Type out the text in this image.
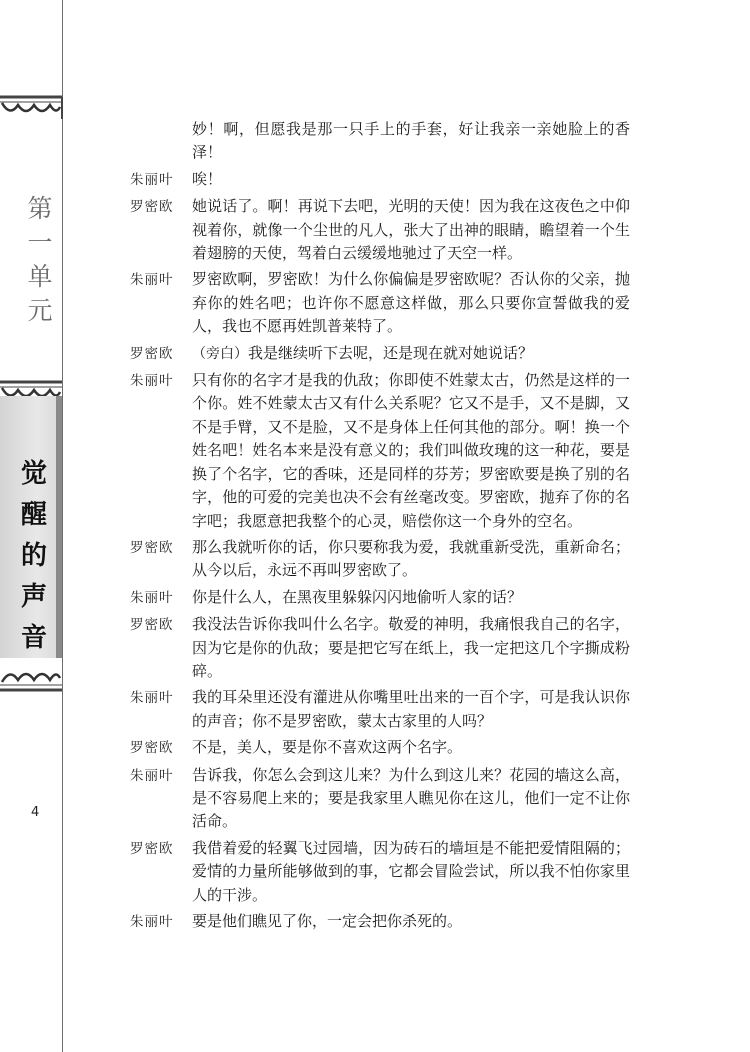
第
一
单
元
觉
醒
的
声
音
4
妙！啊，但愿我是那一只手上的手套，好让我亲一亲她脸上的香泽！
朱丽叶	唉！
罗密欧	她说话了。啊！再说下去吧，光明的天使！因为我在这夜色之中仰视着你，就像一个尘世的凡人，张大了出神的眼睛，瞻望着一个生着翅膀的天使，驾着白云缓缓地驰过了天空一样。
朱丽叶	罗密欧啊，罗密欧！为什么你偏偏是罗密欧呢？否认你的父亲，抛弃你的姓名吧；也许你不愿意这样做，那么只要你宣誓做我的爱人，我也不愿再姓凯普莱特了。
罗密欧	（旁白）我是继续听下去呢，还是现在就对她说话？
朱丽叶	只有你的名字才是我的仇敌；你即使不姓蒙太古，仍然是这样的一个你。姓不姓蒙太古又有什么关系呢？它又不是手，又不是脚，又不是手臂，又不是脸，又不是身体上任何其他的部分。啊！换一个姓名吧！姓名本来是没有意义的；我们叫做玫瑰的这一种花，要是换了个名字，它的香味，还是同样的芬芳；罗密欧要是换了别的名字，他的可爱的完美也决不会有丝毫改变。罗密欧，抛弃了你的名字吧；我愿意把我整个的心灵，赔偿你这一个身外的空名。
罗密欧	那么我就听你的话，你只要称我为爱，我就重新受洗，重新命名；从今以后，永远不再叫罗密欧了。
朱丽叶	你是什么人，在黑夜里躲躲闪闪地偷听人家的话？
罗密欧	我没法告诉你我叫什么名字。敬爱的神明，我痛恨我自己的名字，因为它是你的仇敌；要是把它写在纸上，我一定把这几个字撕成粉碎。
朱丽叶	我的耳朵里还没有灌进从你嘴里吐出来的一百个字，可是我认识你的声音；你不是罗密欧，蒙太古家里的人吗？
罗密欧	不是，美人，要是你不喜欢这两个名字。
朱丽叶	告诉我，你怎么会到这儿来？为什么到这儿来？花园的墙这么高，是不容易爬上来的；要是我家里人瞧见你在这儿，他们一定不让你活命。
罗密欧	我借着爱的轻翼飞过园墙，因为砖石的墙垣是不能把爱情阻隔的；爱情的力量所能够做到的事，它都会冒险尝试，所以我不怕你家里人的干涉。
朱丽叶	要是他们瞧见了你，一定会把你杀死的。
